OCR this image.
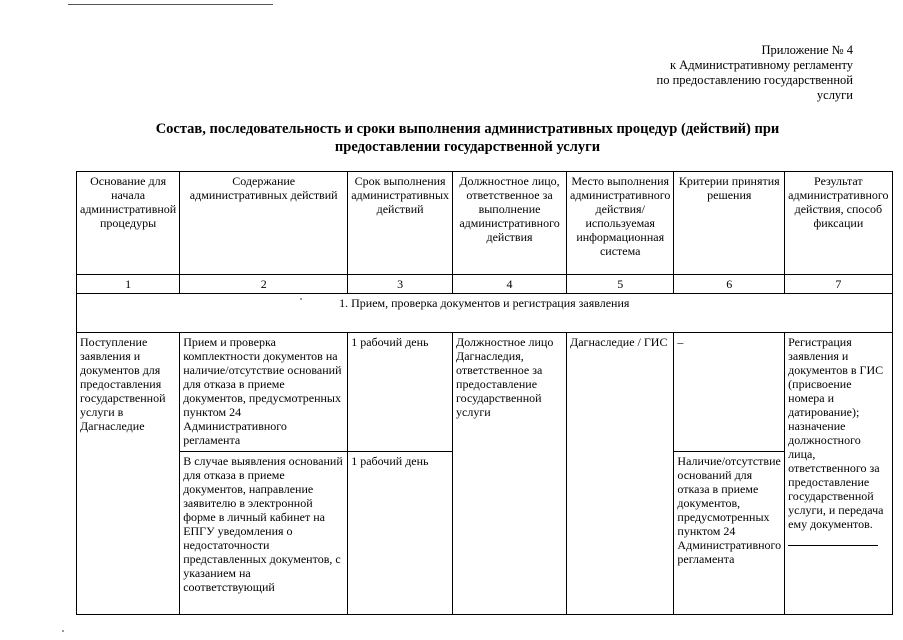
Приложение № 4
к Административному регламенту
по предоставлению государственной
услуги
Состав, последовательность и сроки выполнения административных процедур (действий) при
предоставлении государственной услуги
Основание для начала административной процедуры	Содержание административных действий	Срок выполнения административных действий	Должностное лицо, ответственное за выполнение административного действия	Место выполнения административного действия/ используемая информационная система	Критерии принятия решения	Результат административного действия, способ фиксации
1	2	3	4	5	6	7
1. Прием, проверка документов и регистрация заявления						
Поступление заявления и документов для предоставления государственной услуги в Дагнаследие	Прием и проверка комплектности документов на наличие/отсутствие оснований для отказа в приеме документов, предусмотренных пунктом 24 Административного регламента	1 рабочий день	Должностное лицо Дагнаследия, ответственное за предоставление государственной услуги	Дагнаследие / ГИС	–	Регистрация заявления и документов в ГИС (присвоение номера и датирование); назначение должностного лица, ответственного за предоставление государственной услуги, и передача ему документов.

	В случае выявления оснований для отказа в приеме документов, направление заявителю в электронной форме в личный кабинет на ЕПГУ уведомления о недостаточности представленных документов, с указанием на соответствующий	1 рабочий день			Наличие/отсутствие оснований для отказа в приеме документов, предусмотренных пунктом 24 Административного регламента	
